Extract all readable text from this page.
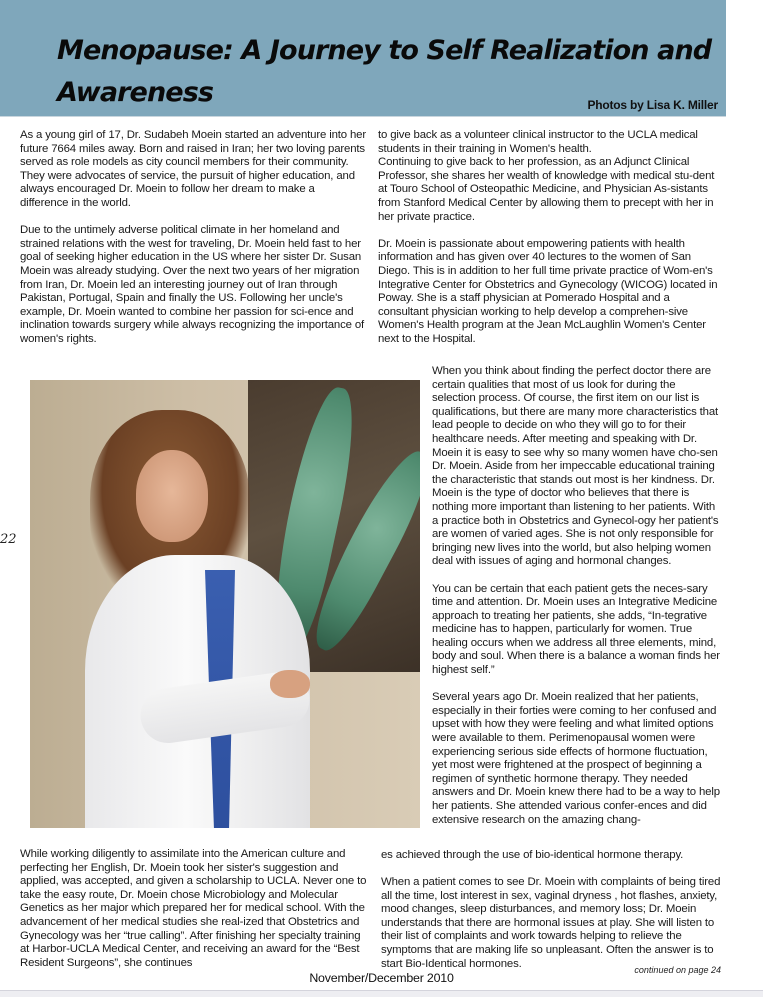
Menopause: A Journey to Self Realization and Awareness	Photos by Lisa K. Miller

As a young girl of 17, Dr. Sudabeh Moein started an adventure into her future 7664 miles away. Born and raised in Iran; her two loving parents served as role models as city council members for their community. They were advocates of service, the pursuit of higher education, and always encouraged Dr. Moein to follow her dream to make a difference in the world.

Due to the untimely adverse political climate in her homeland and strained relations with the west for traveling, Dr. Moein held fast to her goal of seeking higher education in the US where her sister Dr. Susan Moein was already studying. Over the next two years of her migration from Iran, Dr. Moein led an interesting journey out of Iran through Pakistan, Portugal, Spain and finally the US. Following her uncle's example, Dr. Moein wanted to combine her passion for sci-ence and inclination towards surgery while always recognizing the importance of women's rights.

to give back as a volunteer clinical instructor to the UCLA medical students in their training in Women's health.

Continuing to give back to her profession, as an Adjunct Clinical Professor, she shares her wealth of knowledge with medical stu-dent at Touro School of Osteopathic Medicine, and Physician As-sistants from Stanford Medical Center by allowing them to precept with her in her private practice.

Dr. Moein is passionate about empowering patients with health information and has given over 40 lectures to the women of San Diego. This is in addition to her full time private practice of Wom-en's Integrative Center for Obstetrics and Gynecology (WICOG) located in Poway. She is a staff physician at Pomerado Hospital and a consultant physician working to help develop a comprehen-sive Women's Health program at the Jean McLaughlin Women's Center next to the Hospital.

22

When you think about finding the perfect doctor there are certain qualities that most of us look for during the selection process. Of course, the first item on our list is qualifications, but there are many more characteristics that lead people to decide on who they will go to for their healthcare needs. After meeting and speaking with Dr. Moein it is easy to see why so many women have cho-sen Dr. Moein. Aside from her impeccable educational training the characteristic that stands out most is her kindness. Dr. Moein is the type of doctor who believes that there is nothing more important than listening to her patients. With a practice both in Obstetrics and Gynecol-ogy her patient's are women of varied ages. She is not only responsible for bringing new lives into the world, but also helping women deal with issues of aging and hormonal changes.

You can be certain that each patient gets the neces-sary time and attention. Dr. Moein uses an Integrative Medicine approach to treating her patients, she adds, “In-tegrative medicine has to happen, particularly for women. True healing occurs when we address all three elements, mind, body and soul. When there is a balance a woman finds her highest self.”

Several years ago Dr. Moein realized that her patients, especially in their forties were coming to her confused and upset with how they were feeling and what limited options were available to them. Perimenopausal women were experiencing serious side effects of hormone fluctuation, yet most were frightened at the prospect of beginning a regimen of synthetic hormone therapy. They needed answers and Dr. Moein knew there had to be a way to help her patients. She attended various confer-ences and did extensive research on the amazing chang-

While working diligently to assimilate into the American culture and perfecting her English, Dr. Moein took her sister's suggestion and applied, was accepted, and given a scholarship to UCLA. Never one to take the easy route, Dr. Moein chose Microbiology and Molecular Genetics as her major which prepared her for medical school. With the advancement of her medical studies she real-ized that Obstetrics and Gynecology was her “true calling”. After finishing her specialty training at Harbor-UCLA Medical Center, and receiving an award for the “Best Resident Surgeons”, she continues

es achieved through the use of bio-identical hormone therapy.

When a patient comes to see Dr. Moein with complaints of being tired all the time, lost interest in sex, vaginal dryness , hot flashes, anxiety, mood changes, sleep disturbances, and memory loss; Dr. Moein understands that there are hormonal issues at play. She will listen to their list of complaints and work towards helping to relieve the symptoms that are making life so unpleasant. Often the answer is to start Bio-Identical hormones.

continued on page 24
November/December 2010
